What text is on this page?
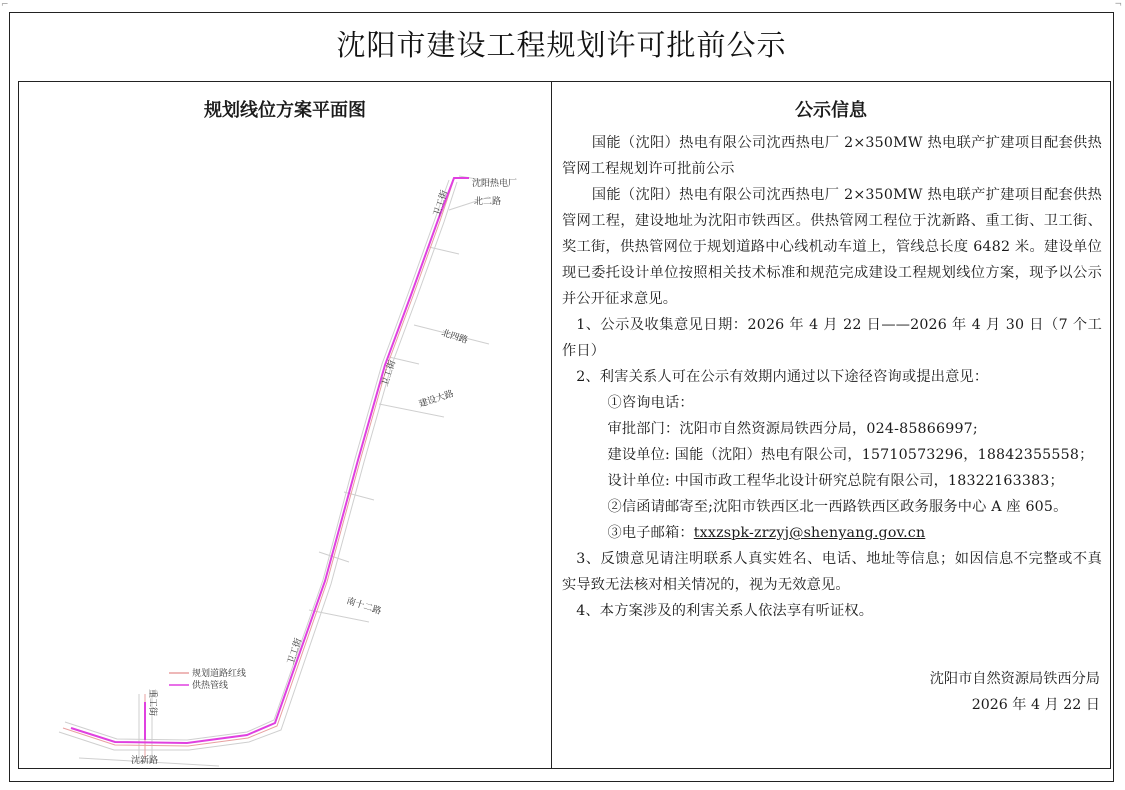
⌐	¬
沈阳市建设工程规划许可批前公示
规划线位方案平面图
沈阳热电厂
北二路
卫工街
北四路
卫工街
建设大路
南十二路
卫工街
重工街
沈新路
规划道路红线
供热管线
公示信息

国能（沈阳）热电有限公司沈西热电厂 2×350MW 热电联产扩建项目配套供热管网工程规划许可批前公示

国能（沈阳）热电有限公司沈西热电厂 2×350MW 热电联产扩建项目配套供热管网工程，建设地址为沈阳市铁西区。供热管网工程位于沈新路、重工街、卫工街、奖工街，供热管网位于规划道路中心线机动车道上，管线总长度 6482 米。建设单位现已委托设计单位按照相关技术标准和规范完成建设工程规划线位方案，现予以公示并公开征求意见。

1、公示及收集意见日期：2026 年 4 月 22 日——2026 年 4 月 30 日（7 个工作日）

2、利害关系人可在公示有效期内通过以下途径咨询或提出意见：

①咨询电话：

审批部门：沈阳市自然资源局铁西分局，024-85866997;

建设单位: 国能（沈阳）热电有限公司，15710573296，18842355558；

设计单位: 中国市政工程华北设计研究总院有限公司，18322163383；

②信函请邮寄至;沈阳市铁西区北一西路铁西区政务服务中心 A 座 605。

③电子邮箱：txxzspk-zrzyj@shenyang.gov.cn

3、反馈意见请注明联系人真实姓名、电话、地址等信息；如因信息不完整或不真实导致无法核对相关情况的，视为无效意见。

4、本方案涉及的利害关系人依法享有听证权。

沈阳市自然资源局铁西分局
2026 年 4 月 22 日
